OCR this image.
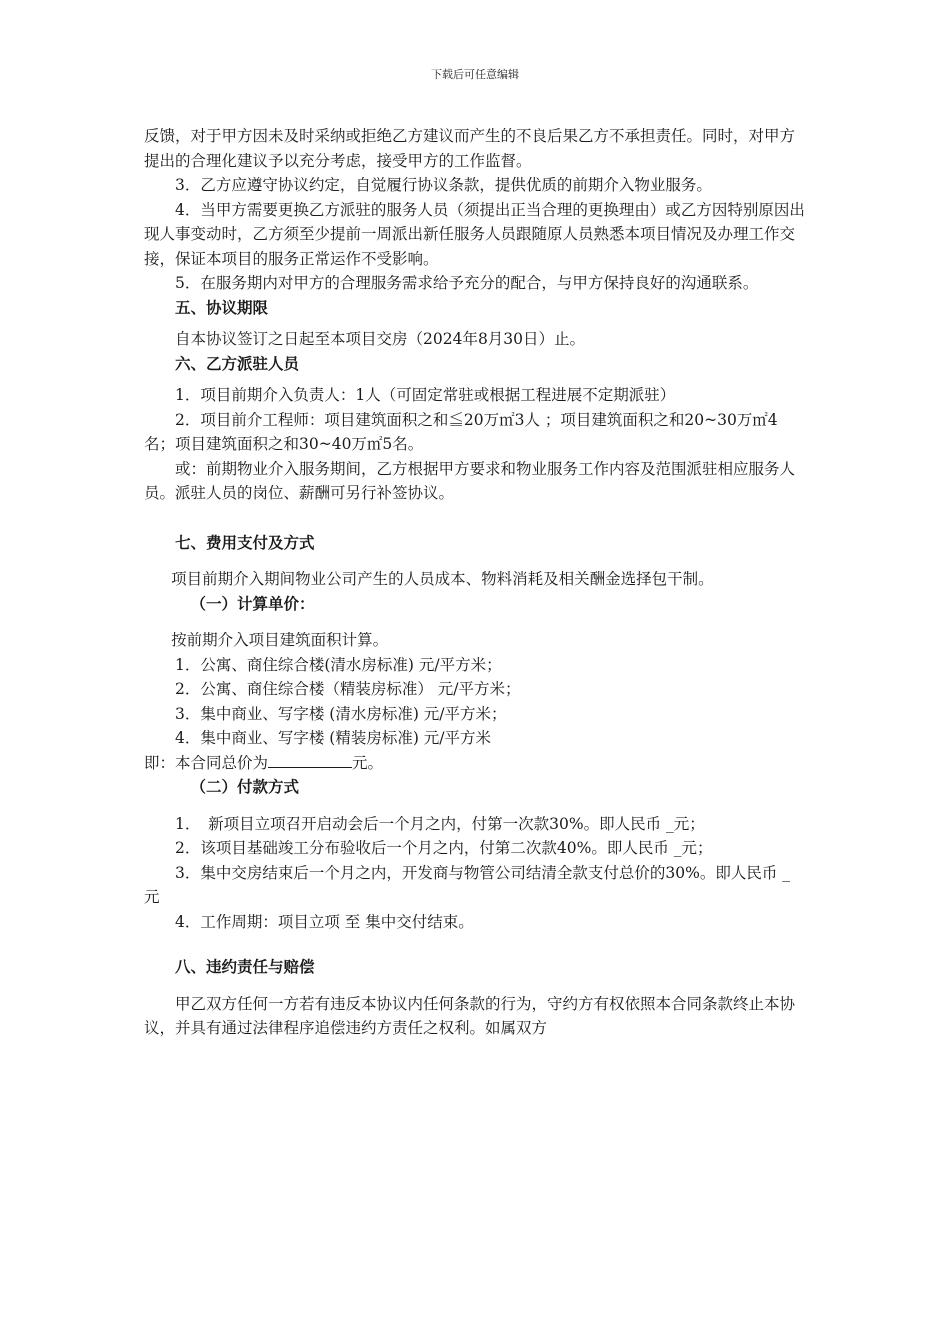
下载后可任意编辑

反馈，对于甲方因未及时采纳或拒绝乙方建议而产生的不良后果乙方不承担责任。同时，对甲方提出的合理化建议予以充分考虑，接受甲方的工作监督。

3．乙方应遵守协议约定，自觉履行协议条款，提供优质的前期介入物业服务。

4．当甲方需要更换乙方派驻的服务人员（须提出正当合理的更换理由）或乙方因特别原因出现人事变动时，乙方须至少提前一周派出新任服务人员跟随原人员熟悉本项目情况及办理工作交接，保证本项目的服务正常运作不受影响。

5．在服务期内对甲方的合理服务需求给予充分的配合，与甲方保持良好的沟通联系。

五、协议期限

自本协议签订之日起至本项目交房（2024年8月30日）止。

六、乙方派驻人员

1．项目前期介入负责人：1人（可固定常驻或根据工程进展不定期派驻）

2．项目前介工程师：项目建筑面积之和≦20万㎡3人 ；项目建筑面积之和20~30万㎡4名；项目建筑面积之和30~40万㎡5名。

或：前期物业介入服务期间，乙方根据甲方要求和物业服务工作内容及范围派驻相应服务人员。派驻人员的岗位、薪酬可另行补签协议。

七、费用支付及方式

项目前期介入期间物业公司产生的人员成本、物料消耗及相关酬金选择包干制。

（一）计算单价：

按前期介入项目建筑面积计算。

1．公寓、商住综合楼(清水房标准) 元/平方米；

2．公寓、商住综合楼（精装房标准） 元/平方米；

3．集中商业、写字楼 (清水房标准) 元/平方米；

4．集中商业、写字楼 (精装房标准) 元/平方米

即：本合同总价为	元。

（二）付款方式

1．　新项目立项召开启动会后一个月之内，付第一次款30%。即人民币 _元；

2．该项目基础竣工分布验收后一个月之内，付第二次款40%。即人民币 _元；

3．集中交房结束后一个月之内，开发商与物管公司结清全款支付总价的30%。即人民币 _ 元

4．工作周期：项目立项 至 集中交付结束。

八、违约责任与赔偿

甲乙双方任何一方若有违反本协议内任何条款的行为，守约方有权依照本合同条款终止本协议，并具有通过法律程序追偿违约方责任之权利。如属双方
